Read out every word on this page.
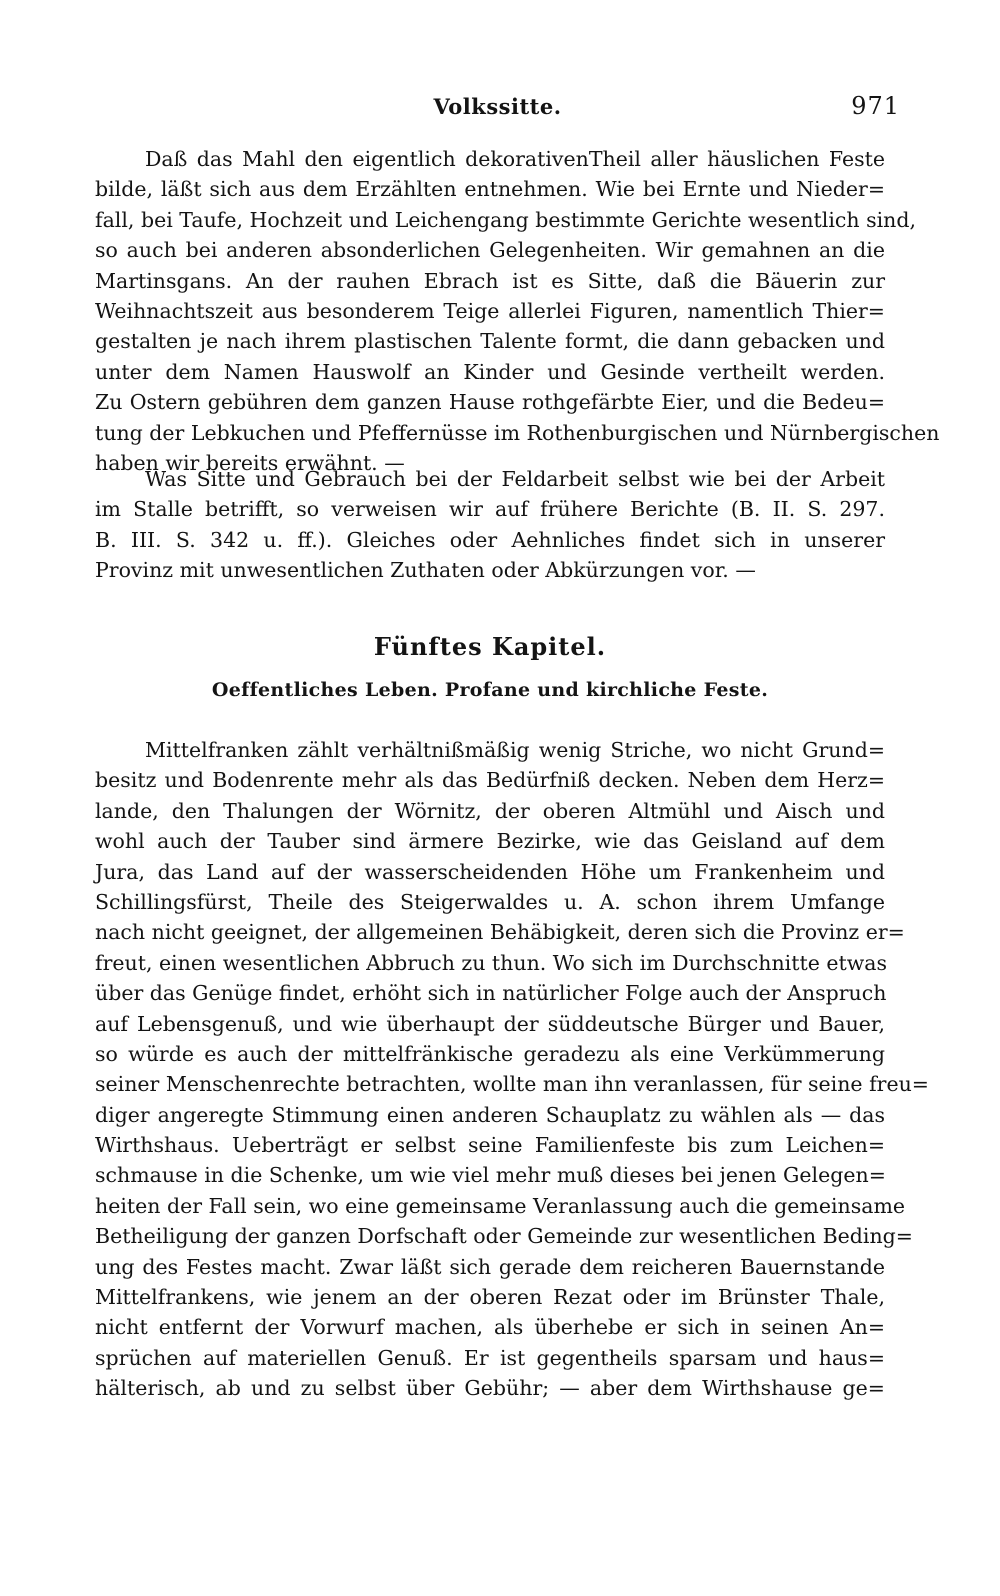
Volkssitte.	971
Daß das Mahl den eigentlich dekorativenTheil aller häuslichen Feste
bilde, läßt sich aus dem Erzählten entnehmen. Wie bei Ernte und Nieder=
fall, bei Taufe, Hochzeit und Leichengang bestimmte Gerichte wesentlich sind,
so auch bei anderen absonderlichen Gelegenheiten. Wir gemahnen an die
Martinsgans. An der rauhen Ebrach ist es Sitte, daß die Bäuerin zur
Weihnachtszeit aus besonderem Teige allerlei Figuren, namentlich Thier=
gestalten je nach ihrem plastischen Talente formt, die dann gebacken und
unter dem Namen Hauswolf an Kinder und Gesinde vertheilt werden.
Zu Ostern gebühren dem ganzen Hause rothgefärbte Eier, und die Bedeu=
tung der Lebkuchen und Pfeffernüsse im Rothenburgischen und Nürnbergischen
haben wir bereits erwähnt. —
Was Sitte und Gebrauch bei der Feldarbeit selbst wie bei der Arbeit
im Stalle betrifft, so verweisen wir auf frühere Berichte (B. II. S. 297.
B. III. S. 342 u. ff.). Gleiches oder Aehnliches findet sich in unserer
Provinz mit unwesentlichen Zuthaten oder Abkürzungen vor. —
Fünftes Kapitel.
Oeffentliches Leben. Profane und kirchliche Feste.
Mittelfranken zählt verhältnißmäßig wenig Striche, wo nicht Grund=
besitz und Bodenrente mehr als das Bedürfniß decken. Neben dem Herz=
lande, den Thalungen der Wörnitz, der oberen Altmühl und Aisch und
wohl auch der Tauber sind ärmere Bezirke, wie das Geisland auf dem
Jura, das Land auf der wasserscheidenden Höhe um Frankenheim und
Schillingsfürst, Theile des Steigerwaldes u. A. schon ihrem Umfange
nach nicht geeignet, der allgemeinen Behäbigkeit, deren sich die Provinz er=
freut, einen wesentlichen Abbruch zu thun. Wo sich im Durchschnitte etwas
über das Genüge findet, erhöht sich in natürlicher Folge auch der Anspruch
auf Lebensgenuß, und wie überhaupt der süddeutsche Bürger und Bauer,
so würde es auch der mittelfränkische geradezu als eine Verkümmerung
seiner Menschenrechte betrachten, wollte man ihn veranlassen, für seine freu=
diger angeregte Stimmung einen anderen Schauplatz zu wählen als — das
Wirthshaus. Ueberträgt er selbst seine Familienfeste bis zum Leichen=
schmause in die Schenke, um wie viel mehr muß dieses bei jenen Gelegen=
heiten der Fall sein, wo eine gemeinsame Veranlassung auch die gemeinsame
Betheiligung der ganzen Dorfschaft oder Gemeinde zur wesentlichen Beding=
ung des Festes macht. Zwar läßt sich gerade dem reicheren Bauernstande
Mittelfrankens, wie jenem an der oberen Rezat oder im Brünster Thale,
nicht entfernt der Vorwurf machen, als überhebe er sich in seinen An=
sprüchen auf materiellen Genuß. Er ist gegentheils sparsam und haus=
hälterisch, ab und zu selbst über Gebühr; — aber dem Wirthshause ge=
